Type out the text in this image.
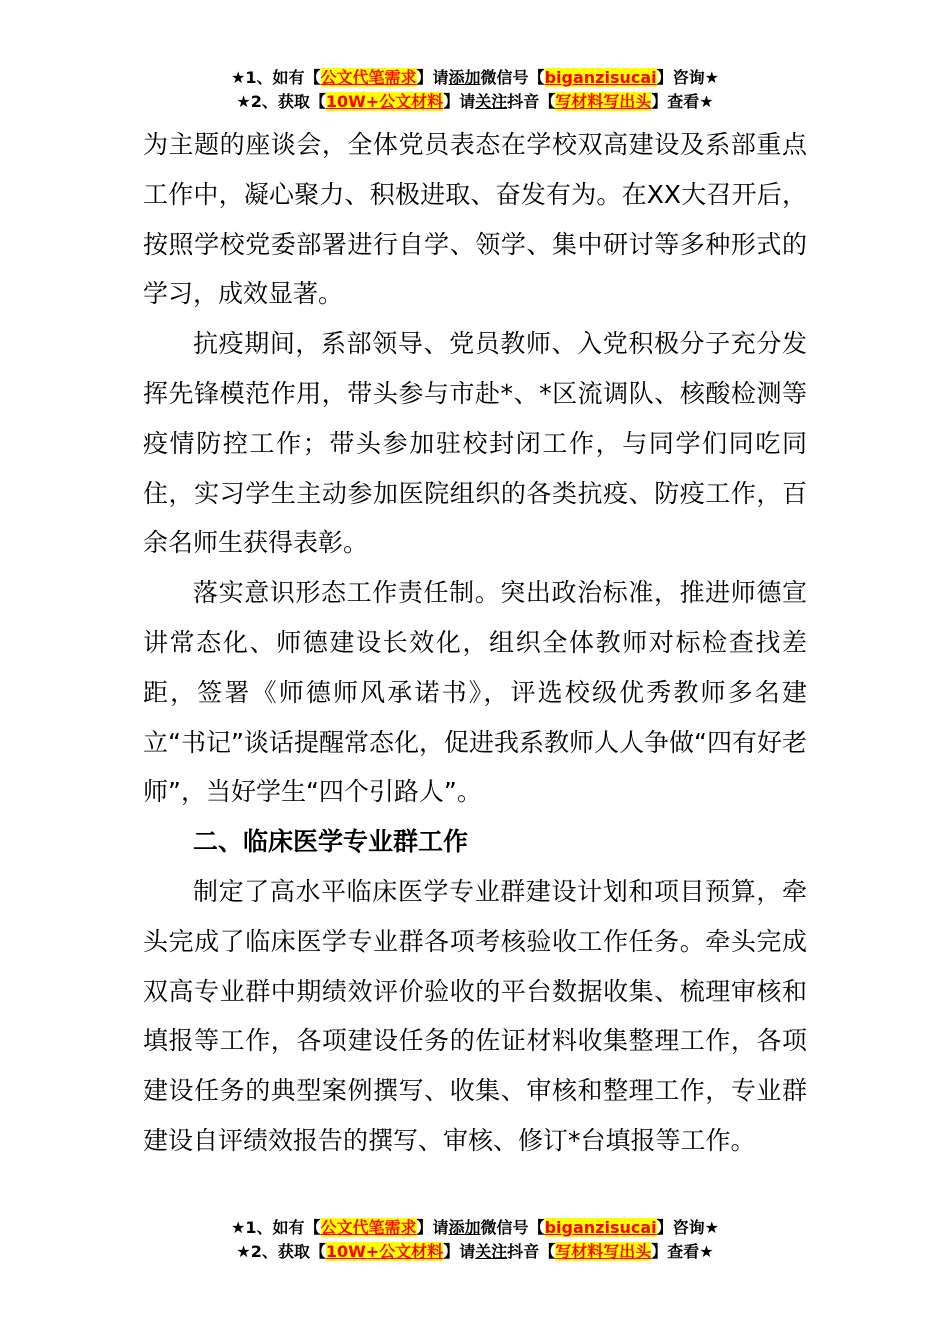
★1、如有【公文代笔需求】请添加微信号【biganzisucai】咨询★
★2、获取【10W+公文材料】请关注抖音【写材料写出头】查看★

为主题的座谈会，全体党员表态在学校双高建设及系部重点工作中，凝心聚力、积极进取、奋发有为。在XX大召开后，按照学校党委部署进行自学、领学、集中研讨等多种形式的学习，成效显著。

抗疫期间，系部领导、党员教师、入党积极分子充分发挥先锋模范作用，带头参与市赴*、*区流调队、核酸检测等疫情防控工作；带头参加驻校封闭工作，与同学们同吃同住，实习学生主动参加医院组织的各类抗疫、防疫工作，百余名师生获得表彰。

落实意识形态工作责任制。突出政治标准，推进师德宣讲常态化、师德建设长效化，组织全体教师对标检查找差距，签署《师德师风承诺书》，评选校级优秀教师多名建立“书记”谈话提醒常态化，促进我系教师人人争做“四有好老师”，当好学生“四个引路人”。

二、临床医学专业群工作

制定了高水平临床医学专业群建设计划和项目预算，牵头完成了临床医学专业群各项考核验收工作任务。牵头完成双高专业群中期绩效评价验收的平台数据收集、梳理审核和填报等工作，各项建设任务的佐证材料收集整理工作，各项建设任务的典型案例撰写、收集、审核和整理工作，专业群建设自评绩效报告的撰写、审核、修订*台填报等工作。

★1、如有【公文代笔需求】请添加微信号【biganzisucai】咨询★
★2、获取【10W+公文材料】请关注抖音【写材料写出头】查看★
